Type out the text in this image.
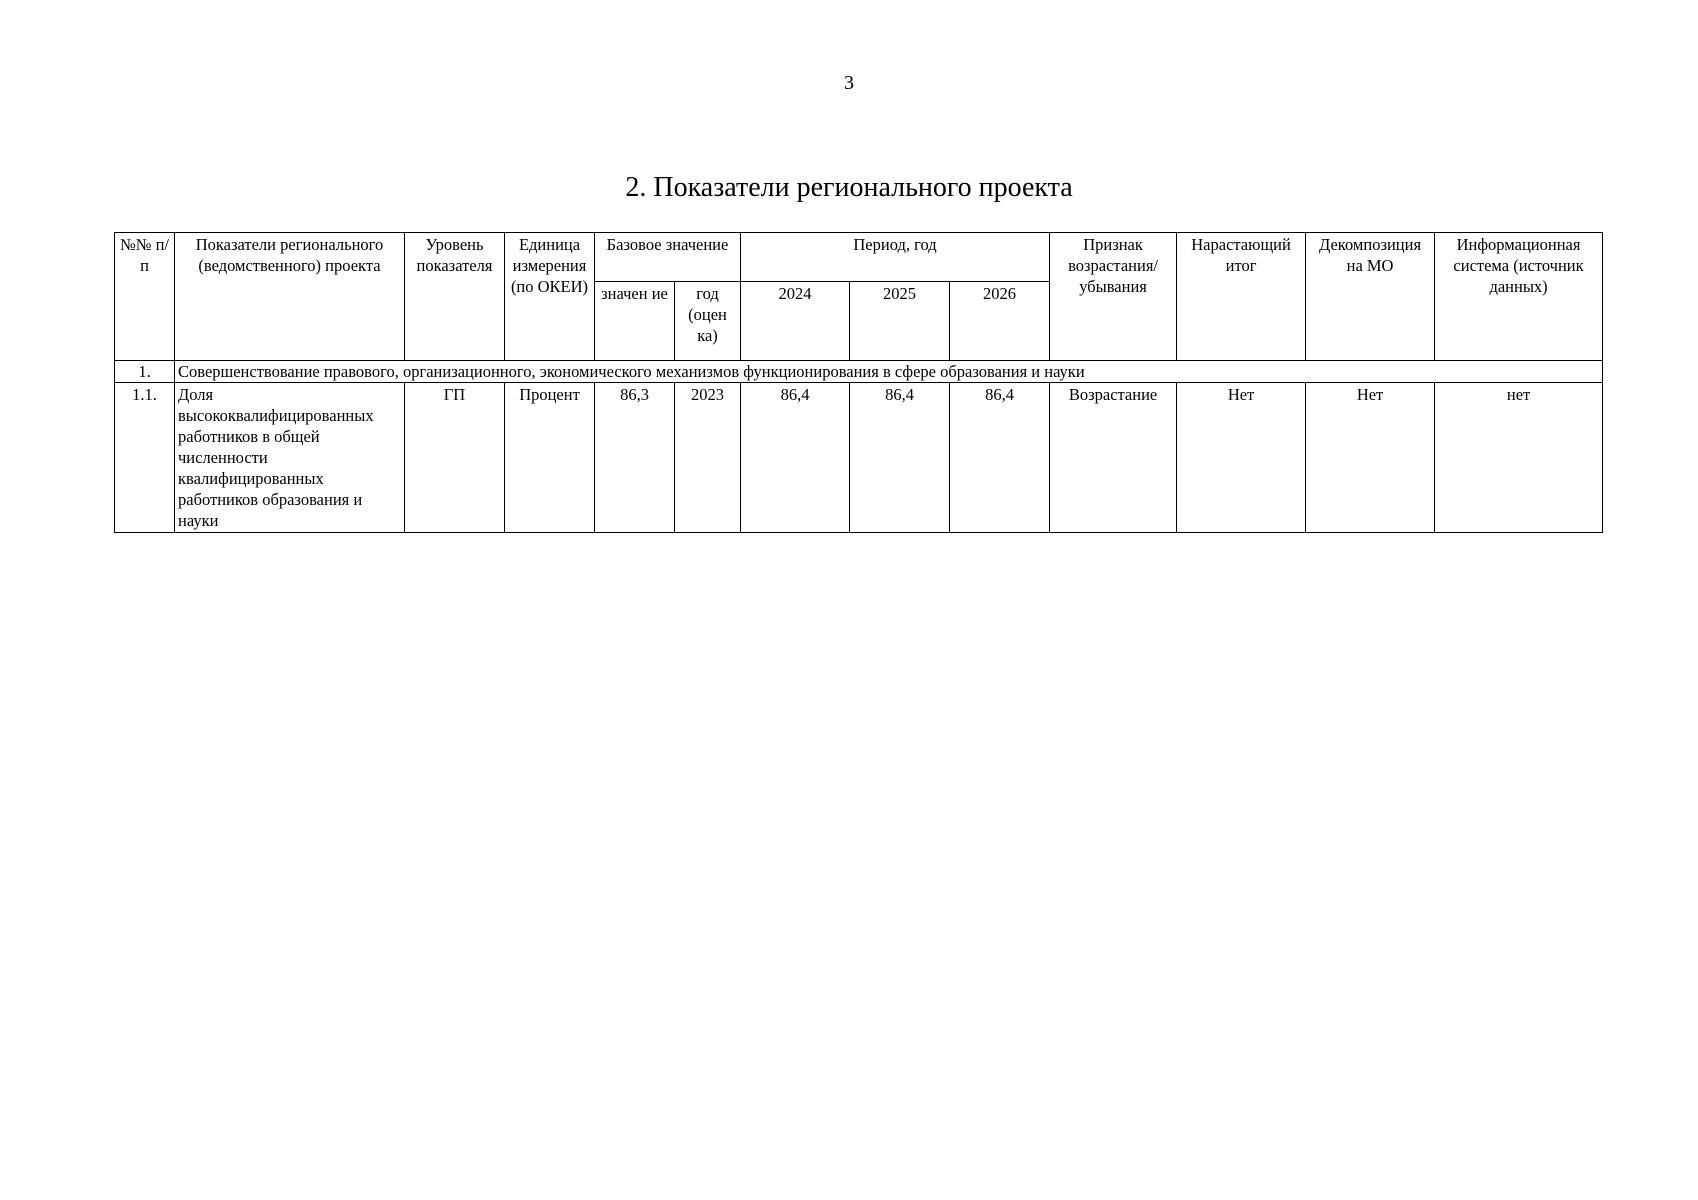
3
2. Показатели регионального проекта
№№ п/п	Показатели регионального (ведомственного) проекта	Уровень показателя	Единица измерения (по ОКЕИ)	Базовое значение		Период, год			Признак возрастания/ убывания	Нарастающий итог	Декомпозиция на МО	Информационная система (источник данных)
				значен ие	год (оцен ка)	2024	2025	2026				
1.	Совершенствование правового, организационного, экономического механизмов функционирования в сфере образования и науки											
1.1.	Доля высококвалифицированных работников в общей численности квалифицированных работников образования и науки	ГП	Процент	86,3	2023	86,4	86,4	86,4	Возрастание	Нет	Нет	нет
